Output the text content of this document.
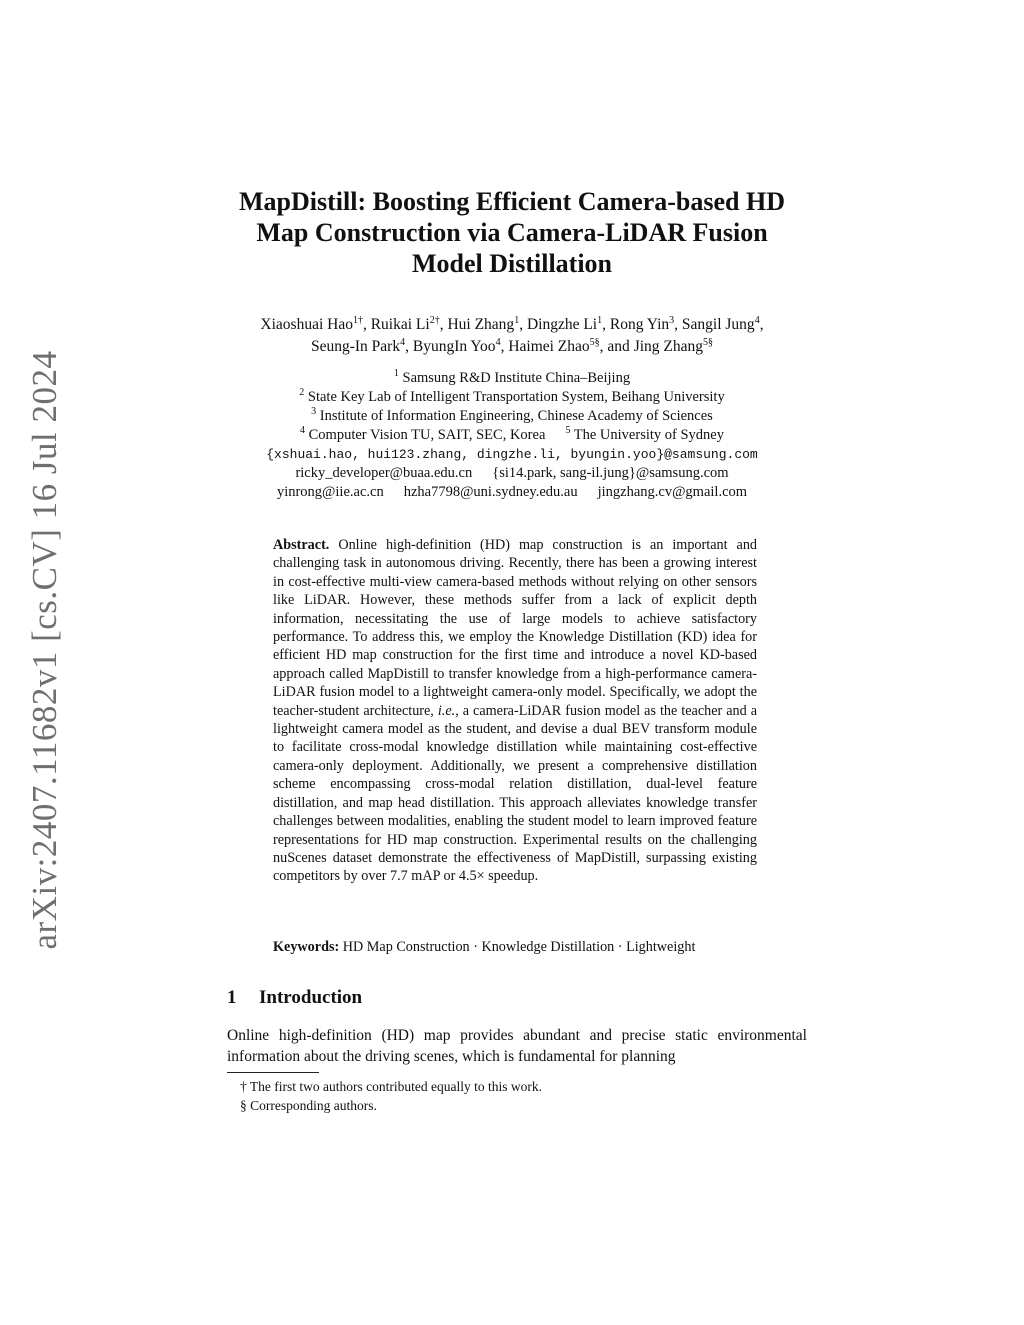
arXiv:2407.11682v1 [cs.CV] 16 Jul 2024
MapDistill: Boosting Efficient Camera-based HD
Map Construction via Camera-LiDAR Fusion
Model Distillation
Xiaoshuai Hao$^{1\dagger}$, Ruikai $Li^{2\dagger}$, Hui Zhang$^1$, Dingzhe Li$^1$, Rong Yin$^3$, Sangil Jung$^4$,
Seung-In Park$^4$, ByungIn Yoo$^4$, Haimei Zhao$^{5\S}$, and Jing Zhang$^{5\S}$
$^1$ Samsung R&D Institute China–Beijing
$^2$ State Key Lab of Intelligent Transportation System, Beihang University
$^3$ Institute of Information Engineering, Chinese Academy of Sciences
$^4$ Computer Vision TU, SAIT, SEC, Korea $^5$ The University of Sydney
{xshuai.hao, hui123.zhang, dingzhe.li, byungin.yoo}@samsung.com
ricky_developer@buaa.edu.cn {si14.park, sang-il.jung}@samsung.com
yinrong@iie.ac.cn hzha7798@uni.sydney.edu.au jingzhang.cv@gmail.com
Abstract. Online high-definition (HD) map construction is an important and challenging task in autonomous driving. Recently, there has been a growing interest in cost-effective multi-view camera-based methods without relying on other sensors like LiDAR. However, these methods suffer from a lack of explicit depth information, necessitating the use of large models to achieve satisfactory performance. To address this, we employ the Knowledge Distillation (KD) idea for efficient HD map construction for the first time and introduce a novel KD-based approach called MapDistill to transfer knowledge from a high-performance camera-LiDAR fusion model to a lightweight camera-only model. Specifically, we adopt the teacher-student architecture, i.e., a camera-LiDAR fusion model as the teacher and a lightweight camera model as the student, and devise a dual BEV transform module to facilitate cross-modal knowledge distillation while maintaining cost-effective camera-only deployment. Additionally, we present a comprehensive distillation scheme encompassing cross-modal relation distillation, dual-level feature distillation, and map head distillation. This approach alleviates knowledge transfer challenges between modalities, enabling the student model to learn improved feature representations for HD map construction. Experimental results on the challenging nuScenes dataset demonstrate the effectiveness of MapDistill, surpassing existing competitors by over 7.7 mAP or 4.5× speedup.
Keywords: HD Map Construction · Knowledge Distillation · Lightweight
1 Introduction
Online high-definition (HD) map provides abundant and precise static environmental information about the driving scenes, which is fundamental for planning
† The first two authors contributed equally to this work.
§ Corresponding authors.
